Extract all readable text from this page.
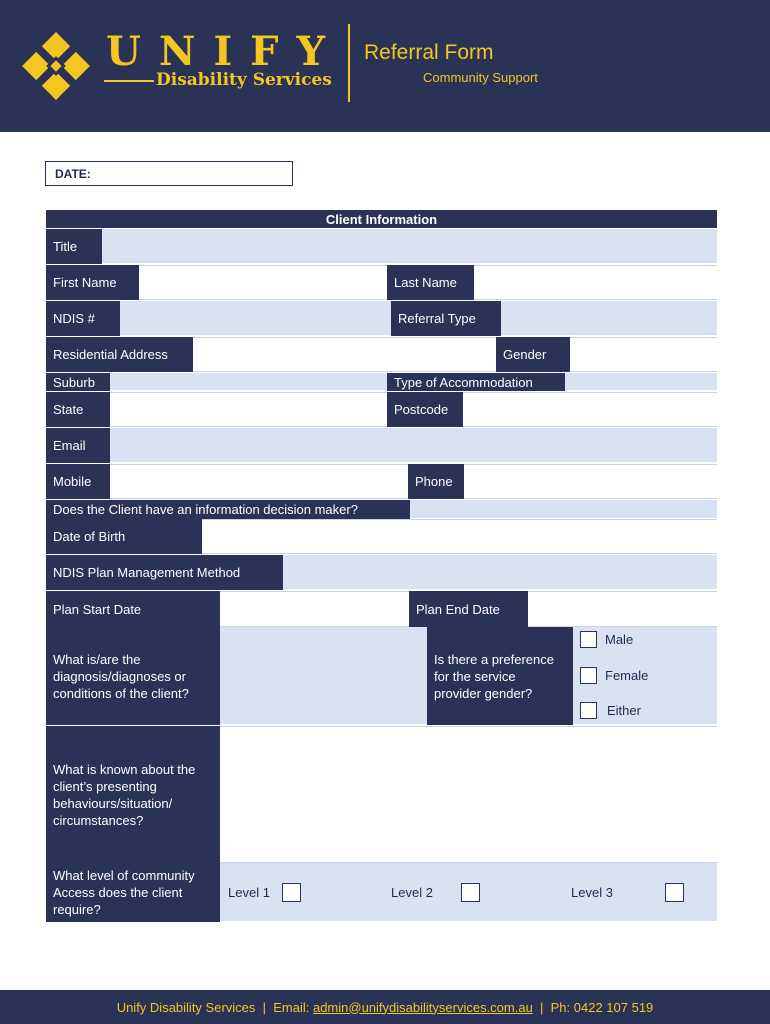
UNIFY
Disability Services
Referral Form
Community Support
DATE:
Client Information
Title
First Name	Last Name
NDIS #	Referral Type
Residential Address	Gender
Suburb	Type of Accommodation
State	Postcode
Email
Mobile	Phone
Does the Client have an information decision maker?
Date of Birth
NDIS Plan Management Method
Plan Start Date	Plan End Date
What is/are the diagnosis/diagnoses or conditions of the client?
Is there a preference for the service provider gender?
Male
Female
Either
What is known about the client’s presenting behaviours/situation/ circumstances?
What level of community Access does the client require?
Level 1	Level 2	Level 3
Unify Disability Services | Email:
admin@unifydisabilityservices.com.au | Ph: 0422 107 519
